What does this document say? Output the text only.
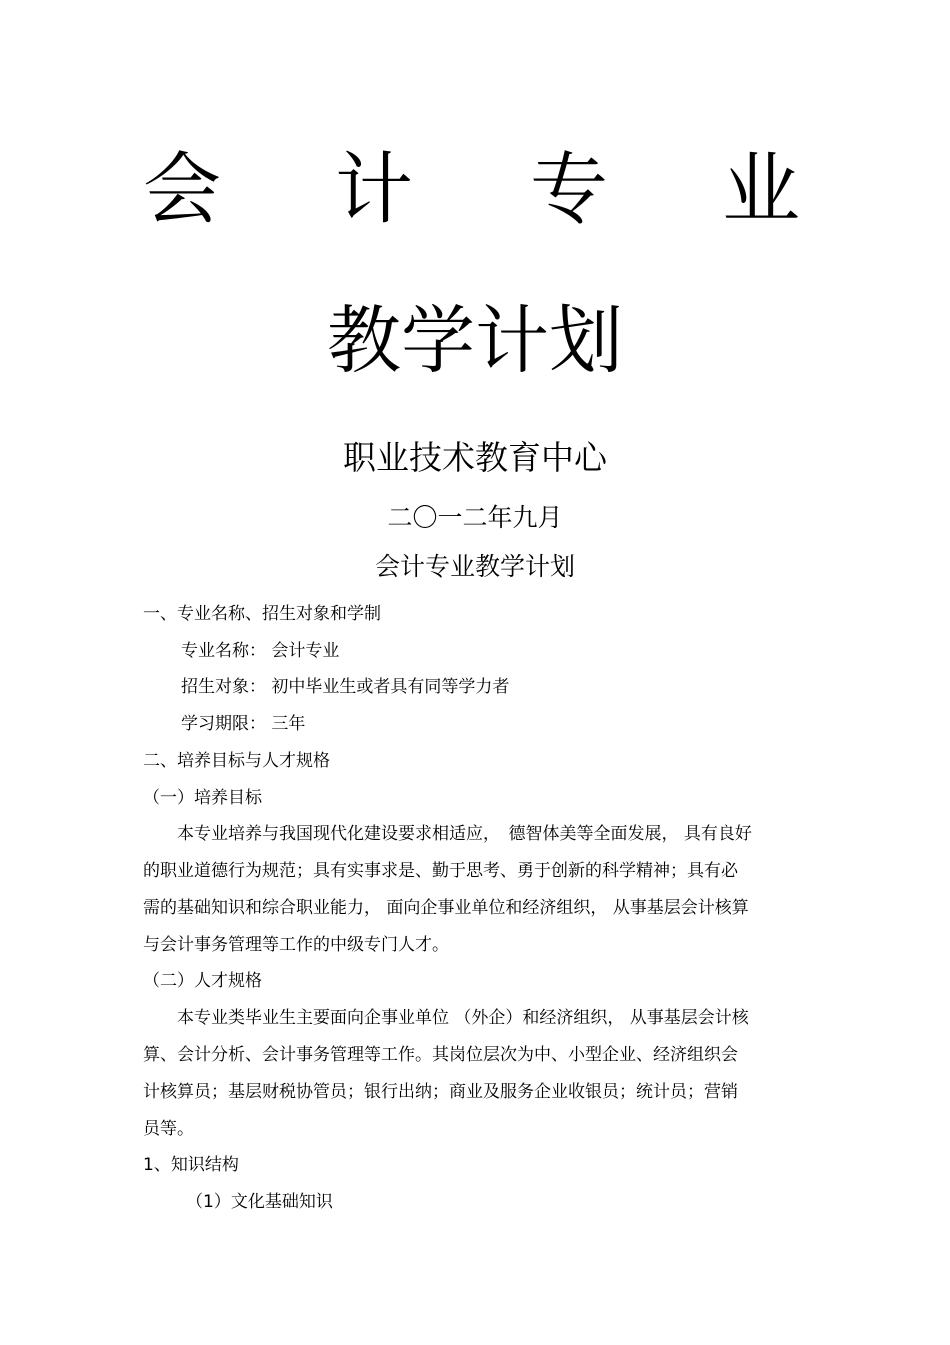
会 计 专 业
教学计划
职业技术教育中心
二〇一二年九月
会计专业教学计划
一、专业名称、招生对象和学制
专业名称： 会计专业
招生对象： 初中毕业生或者具有同等学力者
学习期限： 三年
二、培养目标与人才规格
（一）培养目标

　　本专业培养与我国现代化建设要求相适应，　德智体美等全面发展， 具有良好

的职业道德行为规范；具有实事求是、勤于思考、勇于创新的科学精神；具有必

需的基础知识和综合职业能力， 面向企事业单位和经济组织， 从事基层会计核算

与会计事务管理等工作的中级专门人才。

（二）人才规格

　　本专业类毕业生主要面向企事业单位 （外企）和经济组织， 从事基层会计核

算、会计分析、会计事务管理等工作。其岗位层次为中、小型企业、经济组织会

计核算员；基层财税协管员；银行出纳；商业及服务企业收银员；统计员；营销

员等。

1、知识结构
（1）文化基础知识
